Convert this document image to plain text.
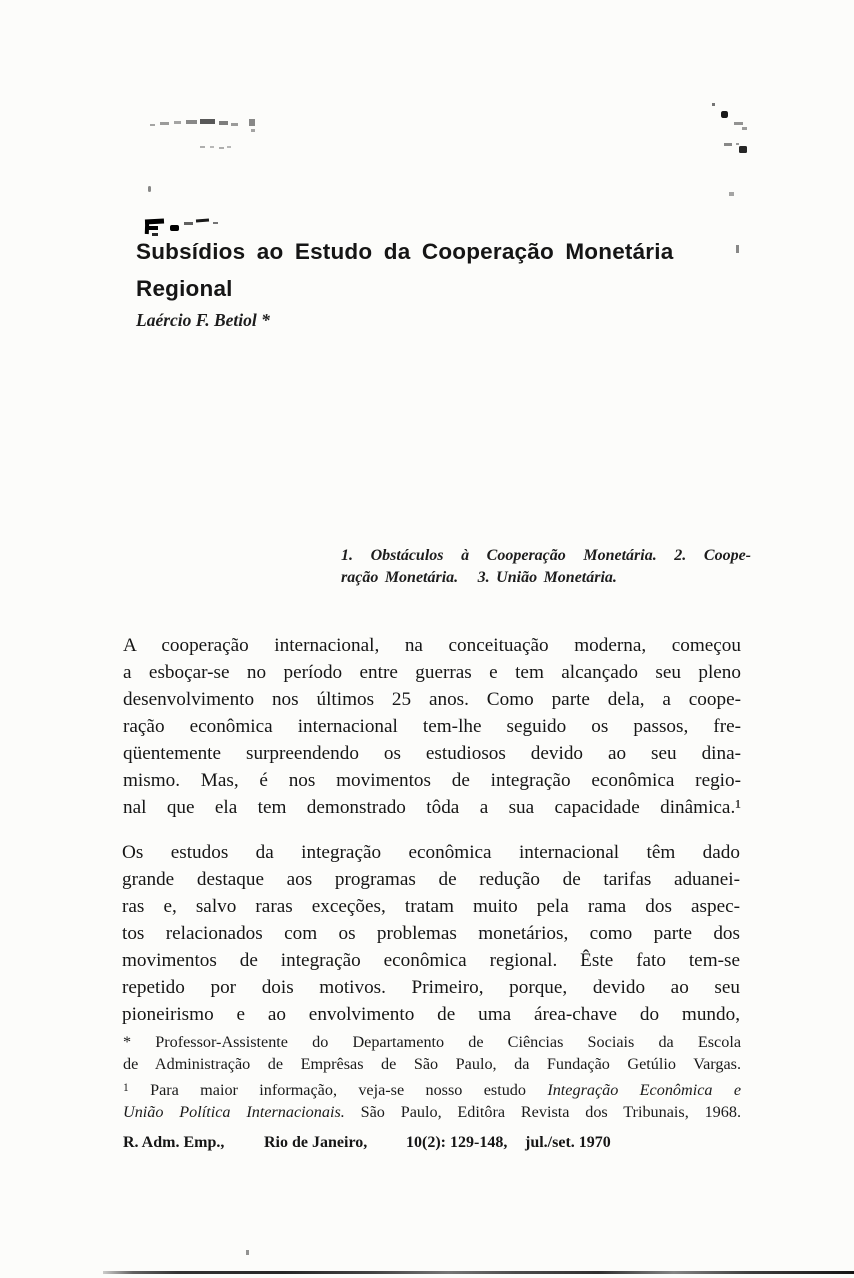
Subsídios ao Estudo da Cooperação Monetária
Regional
Laércio F. Betiol *
1. Obstáculos à Cooperação Monetária. 2. Coope-
ração Monetária.   3. União Monetária.
A cooperação internacional, na conceituação moderna, começou
a esboçar-se no período entre guerras e tem alcançado seu pleno
desenvolvimento nos últimos 25 anos. Como parte dela, a coope-
ração econômica internacional tem-lhe seguido os passos, fre-
qüentemente surpreendendo os estudiosos devido ao seu dina-
mismo. Mas, é nos movimentos de integração econômica regio-
nal que ela tem demonstrado tôda a sua capacidade dinâmica.¹
Os estudos da integração econômica internacional têm dado
grande destaque aos programas de redução de tarifas aduanei-
ras e, salvo raras exceções, tratam muito pela rama dos aspec-
tos relacionados com os problemas monetários, como parte dos
movimentos de integração econômica regional. Êste fato tem-se
repetido por dois motivos. Primeiro, porque, devido ao seu
pioneirismo e ao envolvimento de uma área-chave do mundo,
* Professor-Assistente do Departamento de Ciências Sociais da Escola
de Administração de Emprêsas de São Paulo, da Fundação Getúlio Vargas.
$^1$ Para maior informação, veja-se nosso estudo Integração Econômica e
União Política Internacionais. São Paulo, Editôra Revista dos Tribunais, 1968.
R. Adm. Emp., Rio de Janeiro, 10(2): 129-148, jul./set. 1970
